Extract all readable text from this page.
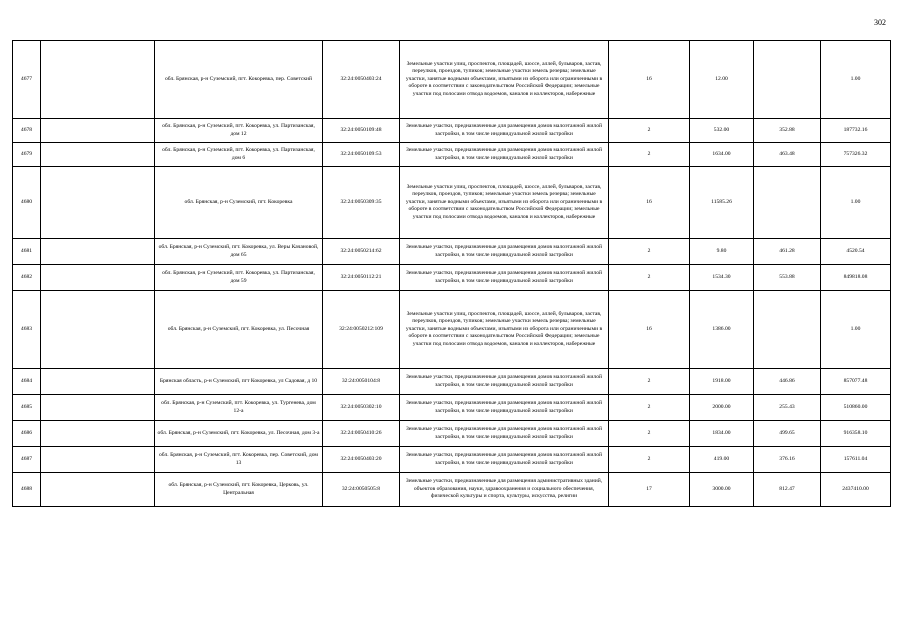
302
4677		обл. Брянская, р-н Суземский, пгт. Кокоревка, пер. Советский	32:24:0050403:24	Земельные участки улиц, проспектов, площадей, шоссе, аллей, бульваров, застав, переулков, проездов, тупиков; земельные участки земель резерва; земельные участки, занятые водными объектами, изъятыми из оборота или ограниченными в обороте в соответствии с законодательством Российской Федерации; земельные участки под полосами отвода водоемов, каналов и коллекторов, набережные	16	12.00		1.00
4678		обл. Брянская, р-н Суземский, пгт. Кокоревка, ул. Партизанская, дом 12	32:24:0050109:48	Земельные участки, предназначенные для размещения домов малоэтажной жилой застройки, в том числе индивидуальной жилой застройки	2	532.00	352.88	187732.16
4679		обл. Брянская, р-н Суземский, пгт. Кокоревка, ул. Партизанская, дом 6	32:24:0050109:53	Земельные участки, предназначенные для размещения домов малоэтажной жилой застройки, в том числе индивидуальной жилой застройки	2	1634.00	463.48	757326.32
4680		обл. Брянская, р-н Суземский, пгт. Кокоревка	32:24:0050309:35	Земельные участки улиц, проспектов, площадей, шоссе, аллей, бульваров, застав, переулков, проездов, тупиков; земельные участки земель резерва; земельные участки, занятые водными объектами, изъятыми из оборота или ограниченными в обороте в соответствии с законодательством Российской Федерации; земельные участки под полосами отвода водоемов, каналов и коллекторов, набережные	16	11585.26		1.00
4681		обл. Брянская, р-н Суземский, пгт. Кокоревка, ул. Веры Качановой, дом 65	32:24:0050214:62	Земельные участки, предназначенные для размещения домов малоэтажной жилой застройки, в том числе индивидуальной жилой застройки	2	9.80	461.28	4520.54
4682		обл. Брянская, р-н Суземский, пгт. Кокоревка, ул. Партизанская, дом 59	32:24:0050112:21	Земельные участки, предназначенные для размещения домов малоэтажной жилой застройки, в том числе индивидуальной жилой застройки	2	1534.30	553.88	849818.08
4683		обл. Брянская, р-н Суземский, пгт. Кокоревка, ул. Песочная	32:24:0050212:109	Земельные участки улиц, проспектов, площадей, шоссе, аллей, бульваров, застав, переулков, проездов, тупиков; земельные участки земель резерва; земельные участки, занятые водными объектами, изъятыми из оборота или ограниченными в обороте в соответствии с законодательством Российской Федерации; земельные участки под полосами отвода водоемов, каналов и коллекторов, набережные	16	1386.00		1.00
4684		Брянская область, р-н Суземский, пгт Кокоревка, ул Садовая, д 10	32:24:0050104:8	Земельные участки, предназначенные для размещения домов малоэтажной жилой застройки, в том числе индивидуальной жилой застройки	2	1918.00	446.86	857077.48
4685		обл. Брянская, р-н Суземский, пгт. Кокоревка, ул. Тургенева, дом 12-а	32:24:0050302:10	Земельные участки, предназначенные для размещения домов малоэтажной жилой застройки, в том числе индивидуальной жилой застройки	2	2000.00	255.43	510860.00
4686		обл. Брянская, р-н Суземский, пгт. Кокоревка, ул. Песочная, дом 3-а	32:24:0050410:26	Земельные участки, предназначенные для размещения домов малоэтажной жилой застройки, в том числе индивидуальной жилой застройки	2	1834.00	499.65	916358.10
4687		обл. Брянская, р-н Суземский, пгт. Кокоревка, пер. Советский, дом 13	32:24:0050403:20	Земельные участки, предназначенные для размещения домов малоэтажной жилой застройки, в том числе индивидуальной жилой застройки	2	419.00	376.16	157611.04
4688		обл. Брянская, р-н Суземский, пгт. Кокоревка, Церковь, ул. Центральная	32:24:0050505:8	Земельные участки, предназначенные для размещения административных зданий, объектов образования, науки, здравоохранения и социального обеспечения, физической культуры и спорта, культуры, искусства, религии	17	3000.00	812.47	2437410.00
